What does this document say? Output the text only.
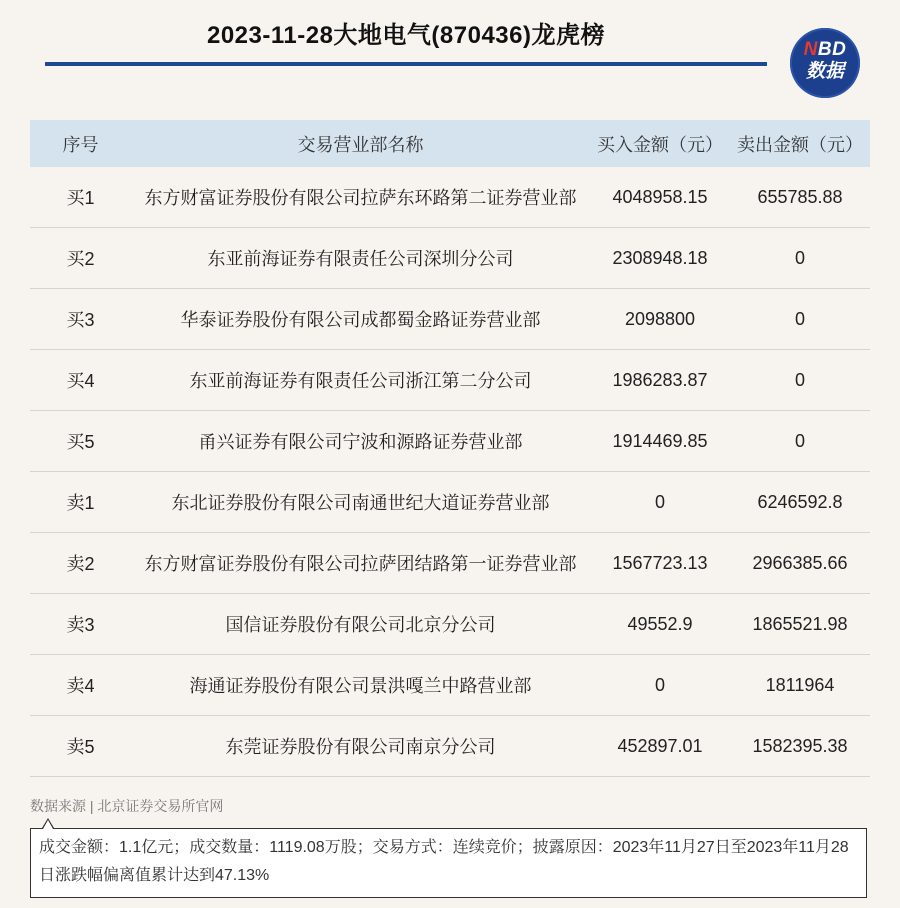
2023-11-28大地电气(870436)龙虎榜
NBD
数据
序号	交易营业部名称	买入金额（元）	卖出金额（元）
买1	东方财富证券股份有限公司拉萨东环路第二证券营业部	4048958.15	655785.88
买2	东亚前海证券有限责任公司深圳分公司	2308948.18	0
买3	华泰证券股份有限公司成都蜀金路证券营业部	2098800	0
买4	东亚前海证券有限责任公司浙江第二分公司	1986283.87	0
买5	甬兴证券有限公司宁波和源路证券营业部	1914469.85	0
卖1	东北证券股份有限公司南通世纪大道证券营业部	0	6246592.8
卖2	东方财富证券股份有限公司拉萨团结路第一证券营业部	1567723.13	2966385.66
卖3	国信证券股份有限公司北京分公司	49552.9	1865521.98
卖4	海通证券股份有限公司景洪嘎兰中路营业部	0	1811964
卖5	东莞证券股份有限公司南京分公司	452897.01	1582395.38
数据来源 | 北京证券交易所官网
成交金额：1.1亿元；成交数量：1119.08万股；交易方式：连续竞价；披露原因：2023年11月27日至2023年11月28日涨跌幅偏离值累计达到47.13%
